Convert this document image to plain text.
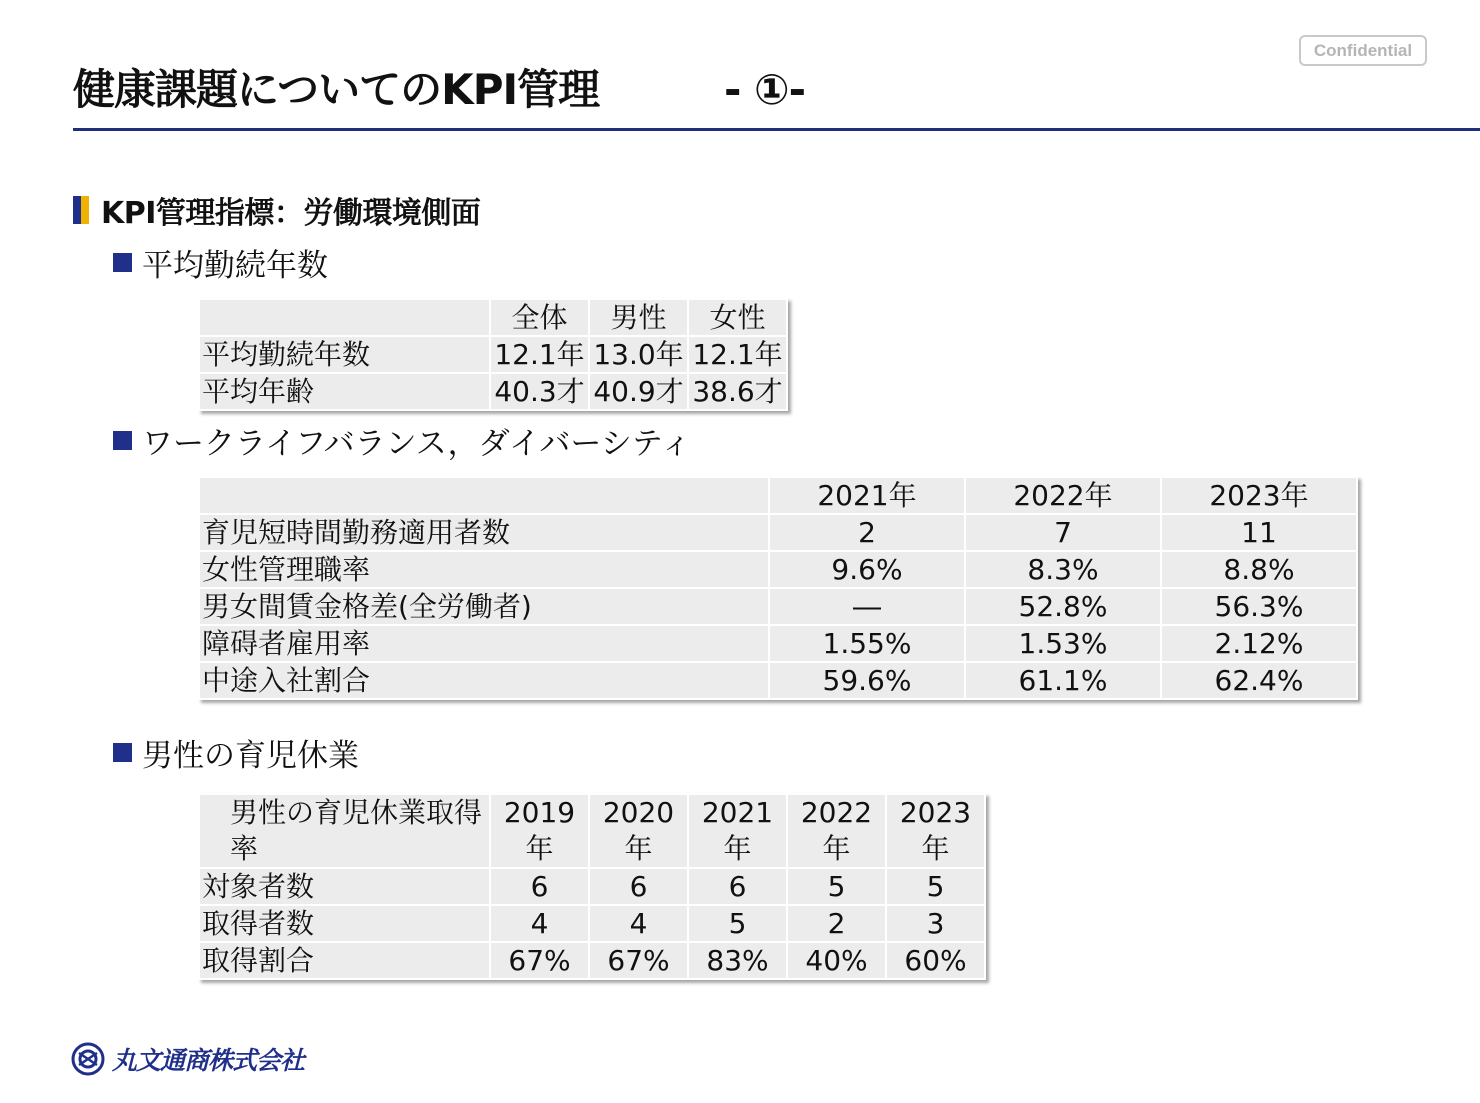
Confidential
健康課題についてのKPI管理	- ①-
KPI管理指標：労働環境側面
平均勤続年数
	全体	男性	女性
平均勤続年数	12.1年	13.0年	12.1年
平均年齢	40.3才	40.9才	38.6才
ワークライフバランス，ダイバーシティ
	2021年	2022年	2023年
育児短時間勤務適用者数	2	7	11
女性管理職率	9.6%	8.3%	8.8%
男女間賃金格差(全労働者)	―	52.8%	56.3%
障碍者雇用率	1.55%	1.53%	2.12%
中途入社割合	59.6%	61.1%	62.4%
男性の育児休業
男性の育児休業取得率	2019年	2020年	2021年	2022年	2023年
対象者数	6	6	6	5	5
取得者数	4	4	5	2	3
取得割合	67%	67%	83%	40%	60%
丸文通商株式会社
